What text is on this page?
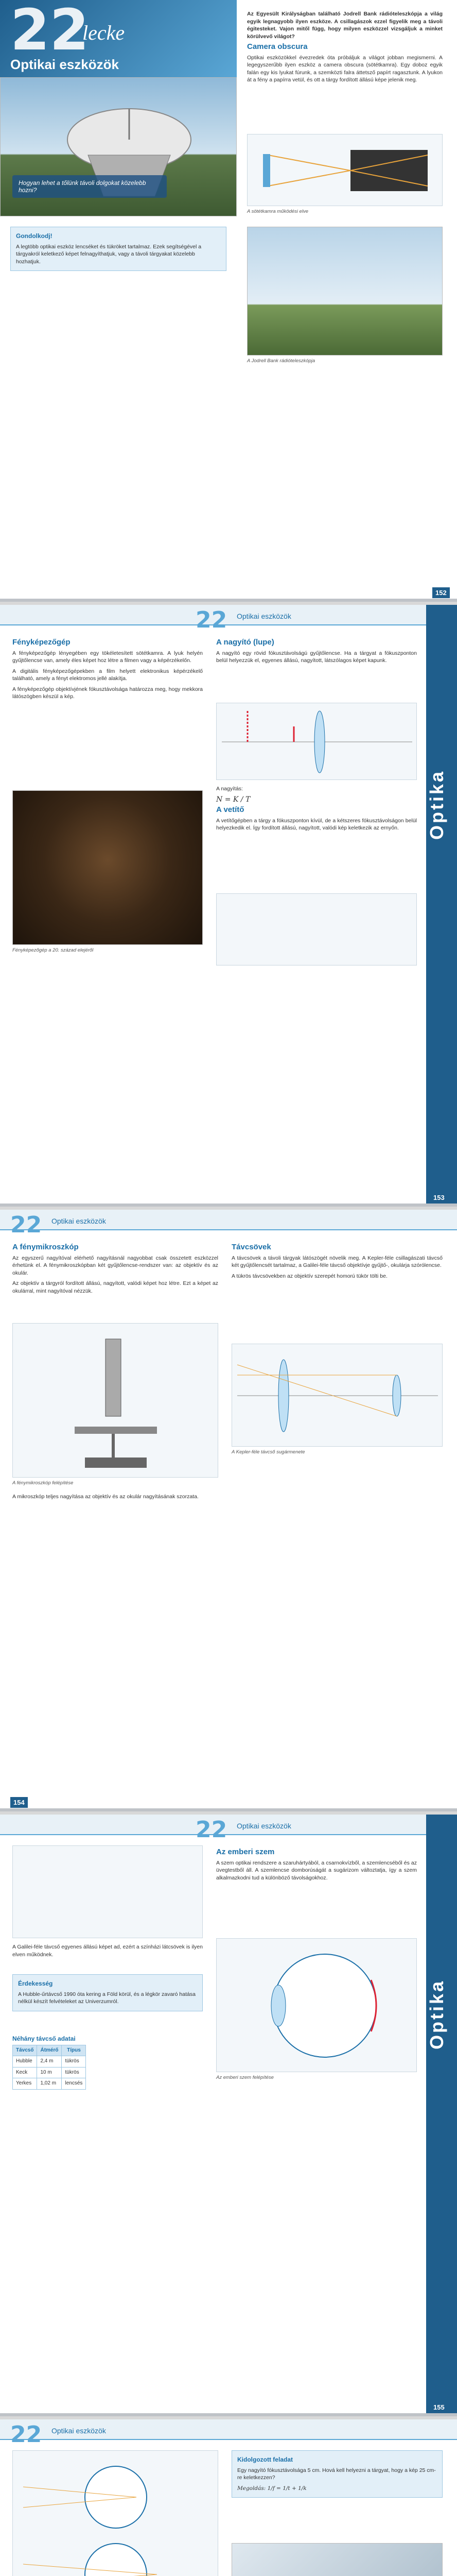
22
lecke
Optikai eszközök
Hogyan lehet a tőlünk távoli dolgokat közelebb hozni?

Az Egyesült Királyságban található Jodrell Bank rádióteleszkópja a világ egyik legnagyobb ilyen eszköze. A csillagászok ezzel figyelik meg a távoli égitesteket. Vajon mitől függ, hogy milyen eszközzel vizsgáljuk a minket körülvevő világot?

Camera obscura

Optikai eszközökkel évezredek óta próbáljuk a világot jobban megismerni. A legegyszerűbb ilyen eszköz a camera obscura (sötétkamra). Egy doboz egyik falán egy kis lyukat fúrunk, a szemközti falra áttetsző papírt ragasztunk. A lyukon át a fény a papírra vetül, és ott a tárgy fordított állású képe jelenik meg.

A sötétkamra működési elve
Gondolkodj!
A legtöbb optikai eszköz lencséket és tükröket tartalmaz. Ezek segítségével a tárgyakról keletkező képet felnagyíthatjuk, vagy a távoli tárgyakat közelebb hozhatjuk.
A Jodrell Bank rádióteleszkópja
152
22 Optikai eszközök
Optika
Fényképezőgép

A fényképezőgép lényegében egy tökéletesített sötétkamra. A lyuk helyén gyűjtőlencse van, amely éles képet hoz létre a filmen vagy a képérzékelőn.

A digitális fényképezőgépekben a film helyett elektronikus képérzékelő található, amely a fényt elektromos jellé alakítja.

A fényképezőgép objektívjének fókusztávolsága határozza meg, hogy mekkora látószögben készül a kép.

Fényképezőgép a 20. század elejéről
A nagyító (lupe)

A nagyító egy rövid fókusztávolságú gyűjtőlencse. Ha a tárgyat a fókuszponton belül helyezzük el, egyenes állású, nagyított, látszólagos képet kapunk.

A nagyítás:

N = K / T

A vetítő

A vetítőgépben a tárgy a fókuszponton kívül, de a kétszeres fókusztávolságon belül helyezkedik el. Így fordított állású, nagyított, valódi kép keletkezik az ernyőn.

153
22 Optikai eszközök
A fénymikroszkóp

Az egyszerű nagyítóval elérhető nagyításnál nagyobbat csak összetett eszközzel érhetünk el. A fénymikroszkópban két gyűjtőlencse-rendszer van: az objektív és az okulár.

Az objektív a tárgyról fordított állású, nagyított, valódi képet hoz létre. Ezt a képet az okulárral, mint nagyítóval nézzük.

A fénymikroszkóp felépítése

A mikroszkóp teljes nagyítása az objektív és az okulár nagyításának szorzata.

Távcsövek

A távcsövek a távoli tárgyak látószögét növelik meg. A Kepler-féle csillagászati távcső két gyűjtőlencsét tartalmaz, a Galilei-féle távcső objektívje gyűjtő-, okulárja szórólencse.

A tükrös távcsövekben az objektív szerepét homorú tükör tölti be.

A Kepler-féle távcső sugármenete
154
22 Optikai eszközök
Optika

A Galilei-féle távcső egyenes állású képet ad, ezért a színházi látcsövek is ilyen elven működnek.

Érdekesség
A Hubble-űrtávcső 1990 óta kering a Föld körül, és a légkör zavaró hatása nélkül készít felvételeket az Univerzumról.
Néhány távcső adatai
Távcső	Átmérő	Típus
Hubble	2,4 m	tükrös
Keck	10 m	tükrös
Yerkes	1,02 m	lencsés
Az emberi szem

A szem optikai rendszere a szaruhártyából, a csarnokvízből, a szemlencséből és az üvegtestből áll. A szemlencse domborúságát a sugárizom változtatja, így a szem alkalmazkodni tud a különböző távolságokhoz.

Az emberi szem felépítése
155
22 Optikai eszközök

Kidolgozott feladat
Egy nagyító fókusztávolsága 5 cm. Hová kell helyezni a tárgyat, hogy a kép 25 cm-re keletkezzen?
Megoldás: 1/f = 1/t + 1/k
